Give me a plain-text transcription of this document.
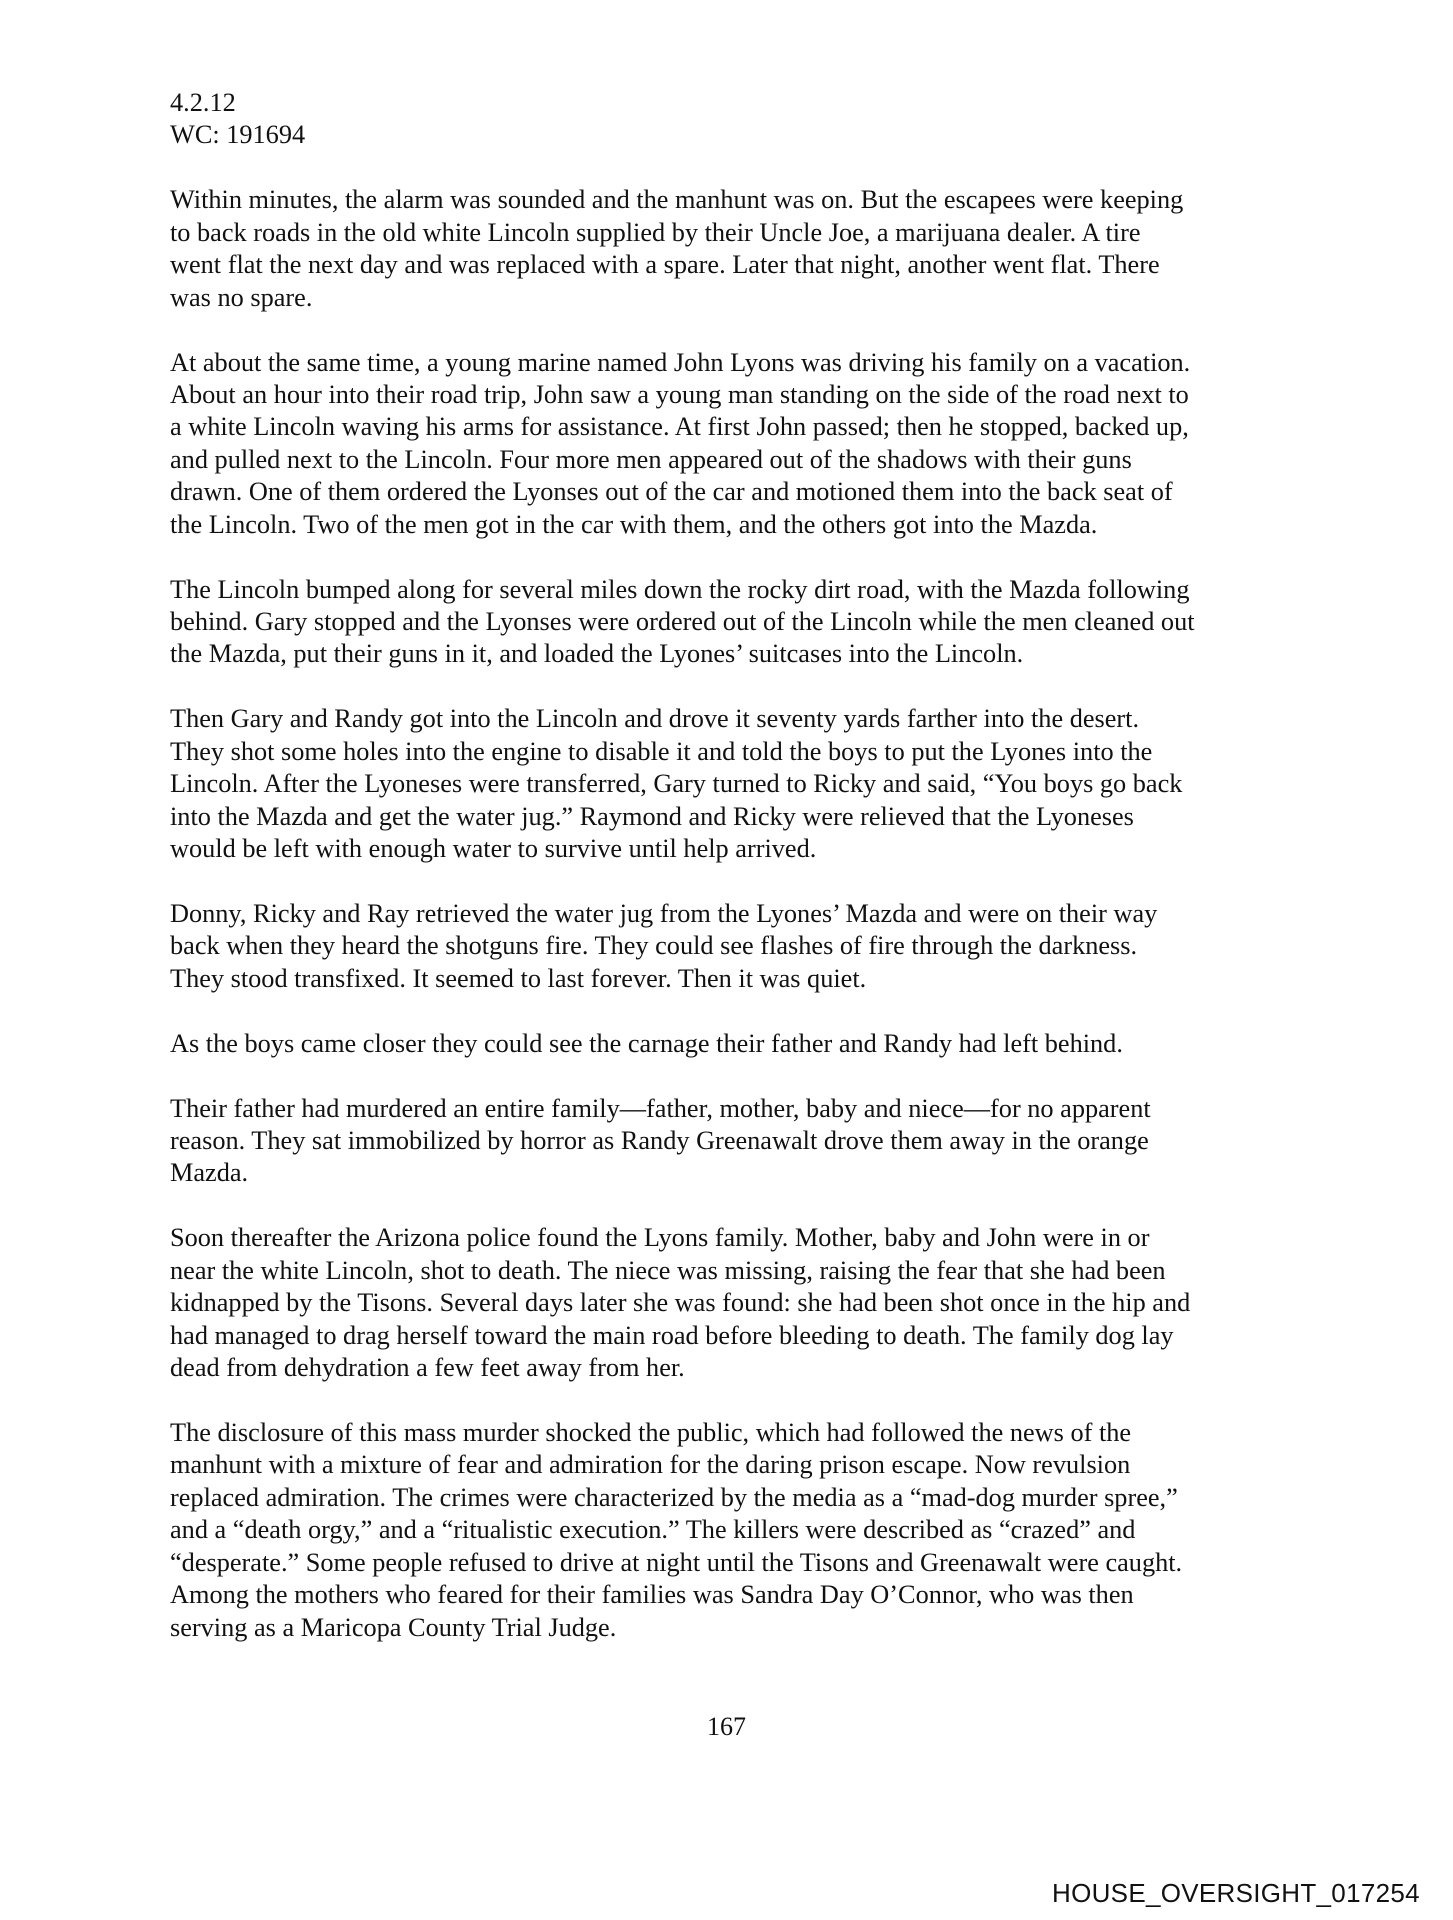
4.2.12
WC: 191694
Within minutes, the alarm was sounded and the manhunt was on. But the escapees were keeping
to back roads in the old white Lincoln supplied by their Uncle Joe, a marijuana dealer. A tire
went flat the next day and was replaced with a spare. Later that night, another went flat. There
was no spare.
At about the same time, a young marine named John Lyons was driving his family on a vacation.
About an hour into their road trip, John saw a young man standing on the side of the road next to
a white Lincoln waving his arms for assistance. At first John passed; then he stopped, backed up,
and pulled next to the Lincoln. Four more men appeared out of the shadows with their guns
drawn. One of them ordered the Lyonses out of the car and motioned them into the back seat of
the Lincoln. Two of the men got in the car with them, and the others got into the Mazda.
The Lincoln bumped along for several miles down the rocky dirt road, with the Mazda following
behind. Gary stopped and the Lyonses were ordered out of the Lincoln while the men cleaned out
the Mazda, put their guns in it, and loaded the Lyones’ suitcases into the Lincoln.
Then Gary and Randy got into the Lincoln and drove it seventy yards farther into the desert.
They shot some holes into the engine to disable it and told the boys to put the Lyones into the
Lincoln. After the Lyoneses were transferred, Gary turned to Ricky and said, “You boys go back
into the Mazda and get the water jug.” Raymond and Ricky were relieved that the Lyoneses
would be left with enough water to survive until help arrived.
Donny, Ricky and Ray retrieved the water jug from the Lyones’ Mazda and were on their way
back when they heard the shotguns fire. They could see flashes of fire through the darkness.
They stood transfixed. It seemed to last forever. Then it was quiet.
As the boys came closer they could see the carnage their father and Randy had left behind.
Their father had murdered an entire family—father, mother, baby and niece—for no apparent
reason. They sat immobilized by horror as Randy Greenawalt drove them away in the orange
Mazda.
Soon thereafter the Arizona police found the Lyons family. Mother, baby and John were in or
near the white Lincoln, shot to death. The niece was missing, raising the fear that she had been
kidnapped by the Tisons. Several days later she was found: she had been shot once in the hip and
had managed to drag herself toward the main road before bleeding to death. The family dog lay
dead from dehydration a few feet away from her.
The disclosure of this mass murder shocked the public, which had followed the news of the
manhunt with a mixture of fear and admiration for the daring prison escape. Now revulsion
replaced admiration. The crimes were characterized by the media as a “mad-dog murder spree,”
and a “death orgy,” and a “ritualistic execution.” The killers were described as “crazed” and
“desperate.” Some people refused to drive at night until the Tisons and Greenawalt were caught.
Among the mothers who feared for their families was Sandra Day O’Connor, who was then
serving as a Maricopa County Trial Judge.
167
HOUSE_OVERSIGHT_017254
